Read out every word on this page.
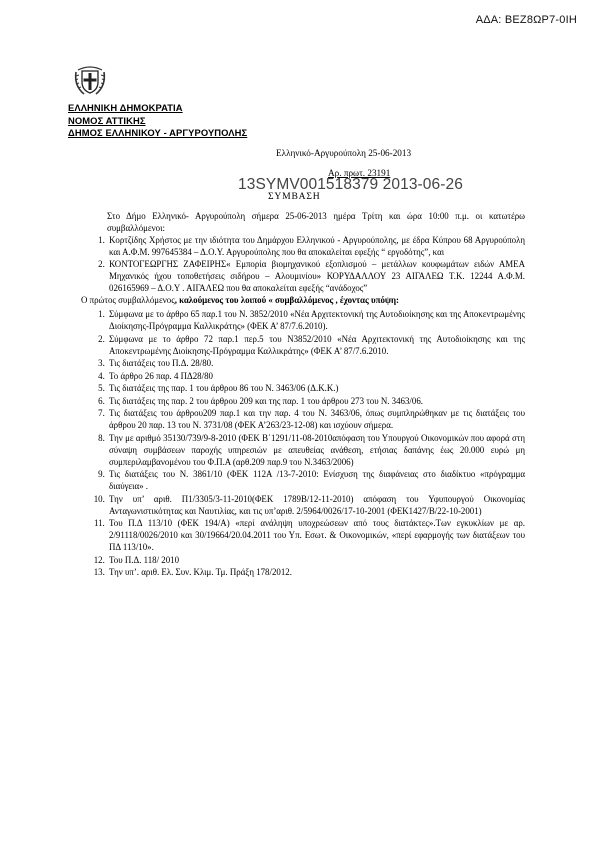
ΑΔΑ: ΒΕΖ8ΩΡ7-0ΙΗ
ΕΛΛΗΝΙΚΗ ΔΗΜΟΚΡΑΤΙΑ
ΝΟΜΟΣ ΑΤΤΙΚΗΣ
ΔΗΜΟΣ ΕΛΛΗΝΙΚΟΥ - ΑΡΓΥΡΟΥΠΟΛΗΣ
Ελληνικό-Αργυρούπολη 25-06-2013
Αρ. πρωτ. 23191
13SYMV001518379 2013-06-26
ΣΥΜΒΑΣΗ

Στο Δήμο Ελληνικό- Αργυρούπολη σήμερα 25-06-2013 ημέρα Τρίτη και ώρα 10:00 π.μ. οι κατωτέρω συμβαλλόμενοι:

1. Κορτζίδης Χρήστος με την ιδιότητα του Δημάρχου Ελληνικού - Αργυρούπολης, με έδρα Κύπρου 68 Αργυρούπολη και Α.Φ.Μ. 997645384 – Δ.Ο.Υ. Αργυρούπολης που θα αποκαλείται εφεξής “ εργοδότης”, και
2. ΚΟΝΤΟΓΕΩΡΓΗΣ ΖΑΦΕΙΡΗΣ« Εμπορία βιομηχανικού εξοπλισμού – μετάλλων κουφωμάτων ειδών ΑΜΕΑ Μηχανικός ήχου τοποθετήσεις σιδήρου – Αλουμινίου» ΚΟΡΥΔΑΛΛΟΥ 23 ΑΙΓΑΛΕΩ Τ.Κ. 12244 Α.Φ.Μ. 026165969 – Δ.Ο.Υ . ΑΙΓΑΛΕΩ που θα αποκαλείται εφεξής “ανάδοχος”

Ο πρώτος συμβαλλόμενος, καλούμενος του λοιπού « συμβαλλόμενος , έχοντας υπόψη:

1. Σύμφωνα με το άρθρο 65 παρ.1 του Ν. 3852/2010 «Νέα Αρχιτεκτονική της Αυτοδιοίκησης και της Αποκεντρωμένης Διοίκησης-Πρόγραμμα Καλλικράτης» (ΦΕΚ Α’ 87/7.6.2010).
2. Σύμφωνα με το άρθρο 72 παρ.1 περ.5 του Ν3852/2010 «Νέα Αρχιτεκτονική της Αυτοδιοίκησης και της Αποκεντρωμένης Διοίκησης-Πρόγραμμα Καλλικράτης» (ΦΕΚ Α’ 87/7.6.2010.
3. Τις διατάξεις του Π.Δ. 28/80.
4. Το άρθρο 26 παρ. 4 ΠΔ28/80
5. Τις διατάξεις της παρ. 1 του άρθρου 86 του Ν. 3463/06 (Δ.Κ.Κ.)
6. Τις διατάξεις της παρ. 2 του άρθρου 209 και της παρ. 1 του άρθρου 273 του Ν. 3463/06.
7. Τις διατάξεις του άρθρου209 παρ.1 και την παρ. 4 του Ν. 3463/06, όπως συμπληρώθηκαν με τις διατάξεις του άρθρου 20 παρ. 13 του Ν. 3731/08 (ΦΕΚ Α’263/23-12-08) και ισχύουν σήμερα.
8. Την με αριθμό 35130/739/9-8-2010 (ΦΕΚ Β΄1291/11-08-2010απόφαση του Υπουργού Οικονομικών που αφορά στη σύναψη συμβάσεων παροχής υπηρεσιών με απευθείας ανάθεση, ετήσιας δαπάνης έως 20.000 ευρώ μη συμπεριλαμβανομένου του Φ.Π.Α (αρθ.209 παρ.9 του Ν.3463/2006)
9. Τις διατάξεις του Ν. 3861/10 (ΦΕΚ 112Α /13-7-2010: Ενίσχυση της διαφάνειας στο διαδίκτυο «πρόγραμμα διαύγεια» .
10. Την υπ’ αριθ. Π1/3305/3-11-2010(ΦΕΚ 1789Β/12-11-2010) απόφαση του Υφυπουργού Οικονομίας Ανταγωνιστικότητας και Ναυτιλίας, και τις υπ’αριθ. 2/5964/0026/17-10-2001 (ΦΕΚ1427/Β/22-10-2001)
11. Του Π.Δ 113/10 (ΦΕΚ 194/Α) «περί ανάληψη υποχρεώσεων από τους διατάκτες».Των εγκυκλίων με αρ. 2/91118/0026/2010 και 30/19664/20.04.2011 του Υπ. Εσωτ. & Οικονομικών, «περί εφαρμογής των διατάξεων του ΠΔ 113/10».
12. Του Π.Δ. 118/ 2010
13. Την υπ’. αριθ. Ελ. Συν. Κλιμ. Τμ. Πράξη 178/2012.
